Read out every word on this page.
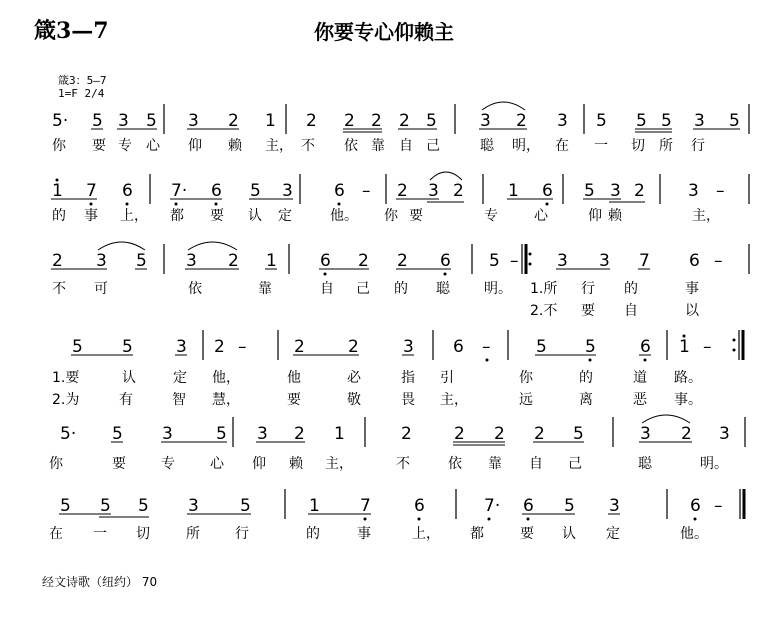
箴3—7	你要专心仰赖主
箴3：5—7
1=F 2/4
5· 5 3 5 3 2 1 2 2 2 2 5	3 2 3 5 5 5 3 5
你 要 专 心 仰 赖 主， 不 依 靠 自 己	聪 明， 在 一 切 所 行
1 7 6 7· 6 5 3 6 – 2 3 2	1 6 5 3 2	3 –
的 事 上， 都 要 认 定	他。 你 要	专	心	仰 赖	主，
2 3 5 3 2 1	6 2 2 6 5 – 3 3 7 6 –
不 可	依	靠	自 己 的 聪 明。 1.所 行 的	事
2.不 要 自	以
5 5	3 2 –	2	2	3 6 –	5 5	6 1 –
1.要	认	定 他，	他	必	指 引	你	的	道 路。
2.为	有	智 慧，	要	敬	畏 主，	远	离	恶 事。
5· 5 3	5 3 2 1	2 2 2 2 5	3 2 3
你	要	专	心 仰 赖 主，	不	依 靠 自 己	聪	明。
5 5 5 3 5	1 7	6	7· 6 5 3	6 –
在 一 切	所	行	的	事	上， 都	要 认 定	他。
经文诗歌（纽约） 70
